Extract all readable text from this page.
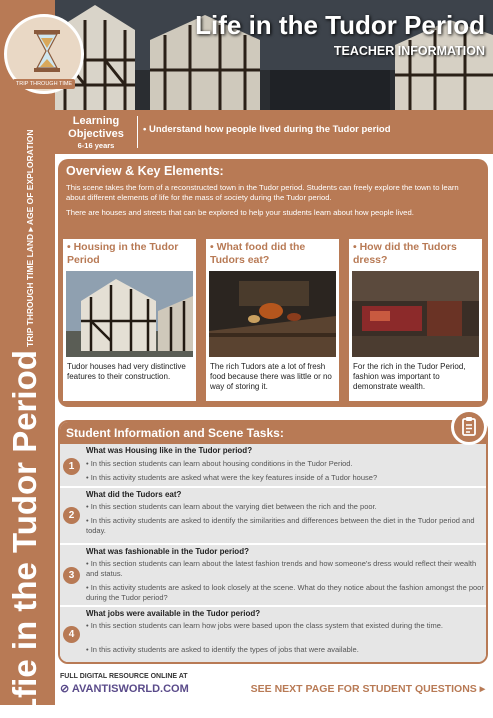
TRIP THROUGH TIME LAND ▸ AGE OF EXPLORATION
Lfie in the Tudor Period
TRIP THROUGH TIME
Life in the Tudor Period
TEACHER INFORMATION
Learning Objectives
6-16 years
• Understand how people lived during the Tudor period
Overview & Key Elements:
This scene takes the form of a reconstructed town in the Tudor period. Students can freely explore the town to learn about different elements of life for the mass of society during the Tudor period.
There are houses and streets that can be explored to help your students learn about how people lived.
• Housing in the Tudor Period
Tudor houses had very distinctive features to their construction.
• What food did the Tudors eat?
The rich Tudors ate a lot of fresh food because there was little or no way of storing it.
• How did the Tudors dress?
For the rich in the Tudor Period, fashion was important to demonstrate wealth.
Student Information and Scene Tasks:
1
What was Housing like in the Tudor period?
• In this section students can learn about housing conditions in the Tudor Period.
• In this activity students are asked what were the key features inside of a Tudor house?
2
What did the Tudors eat?
• In this section students can learn about the varying diet between the rich and the poor.
• In this activity students are asked to identify the similarities and differences between the diet in the Tudor period and today.
3
What was fashionable in the Tudor period?
• In this section students can learn about the latest fashion trends and how someone's dress would reflect their wealth and status.
• In this activity students are asked to look closely at the scene. What do they notice about the fashion amongst the poor during the Tudor period?
4
What jobs were available in the Tudor period?
• In this section students can learn how jobs were based upon the class system that existed during the time.
• In this activity students are asked to identify the types of jobs that were available.
FULL DIGITAL RESOURCE ONLINE AT
⊘ AVANTISWORLD.COM	SEE NEXT PAGE FOR STUDENT QUESTIONS ▸
